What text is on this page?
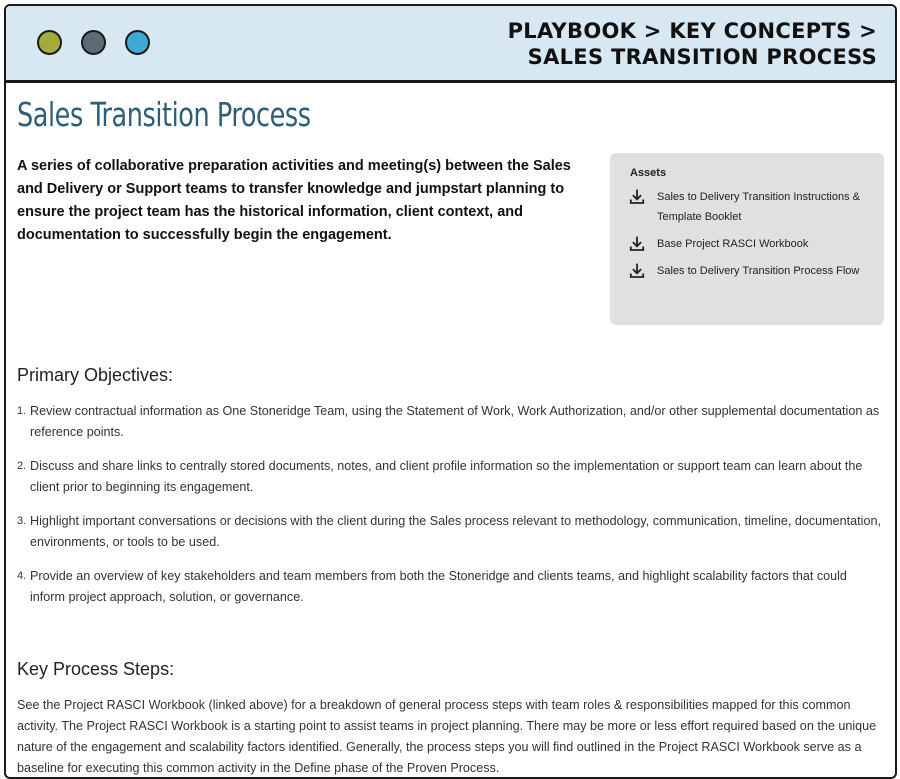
PLAYBOOK > KEY CONCEPTS >
SALES TRANSITION PROCESS
Sales Transition Process
A series of collaborative preparation activities and meeting(s) between the Sales and Delivery or Support teams to transfer knowledge and jumpstart planning to ensure the project team has the historical information, client context, and documentation to successfully begin the engagement.
Assets
Sales to Delivery Transition Instructions & Template Booklet
Base Project RASCI Workbook
Sales to Delivery Transition Process Flow
Primary Objectives:
1. Review contractual information as One Stoneridge Team, using the Statement of Work, Work Authorization, and/or other supplemental documentation as reference points.
2. Discuss and share links to centrally stored documents, notes, and client profile information so the implementation or support team can learn about the client prior to beginning its engagement.
3. Highlight important conversations or decisions with the client during the Sales process relevant to methodology, communication, timeline, documentation, environments, or tools to be used.
4. Provide an overview of key stakeholders and team members from both the Stoneridge and clients teams, and highlight scalability factors that could inform project approach, solution, or governance.
Key Process Steps:

See the Project RASCI Workbook (linked above) for a breakdown of general process steps with team roles & responsibilities mapped for this common activity. The Project RASCI Workbook is a starting point to assist teams in project planning. There may be more or less effort required based on the unique nature of the engagement and scalability factors identified. Generally, the process steps you will find outlined in the Project RASCI Workbook serve as a baseline for executing this common activity in the Define phase of the Proven Process.
